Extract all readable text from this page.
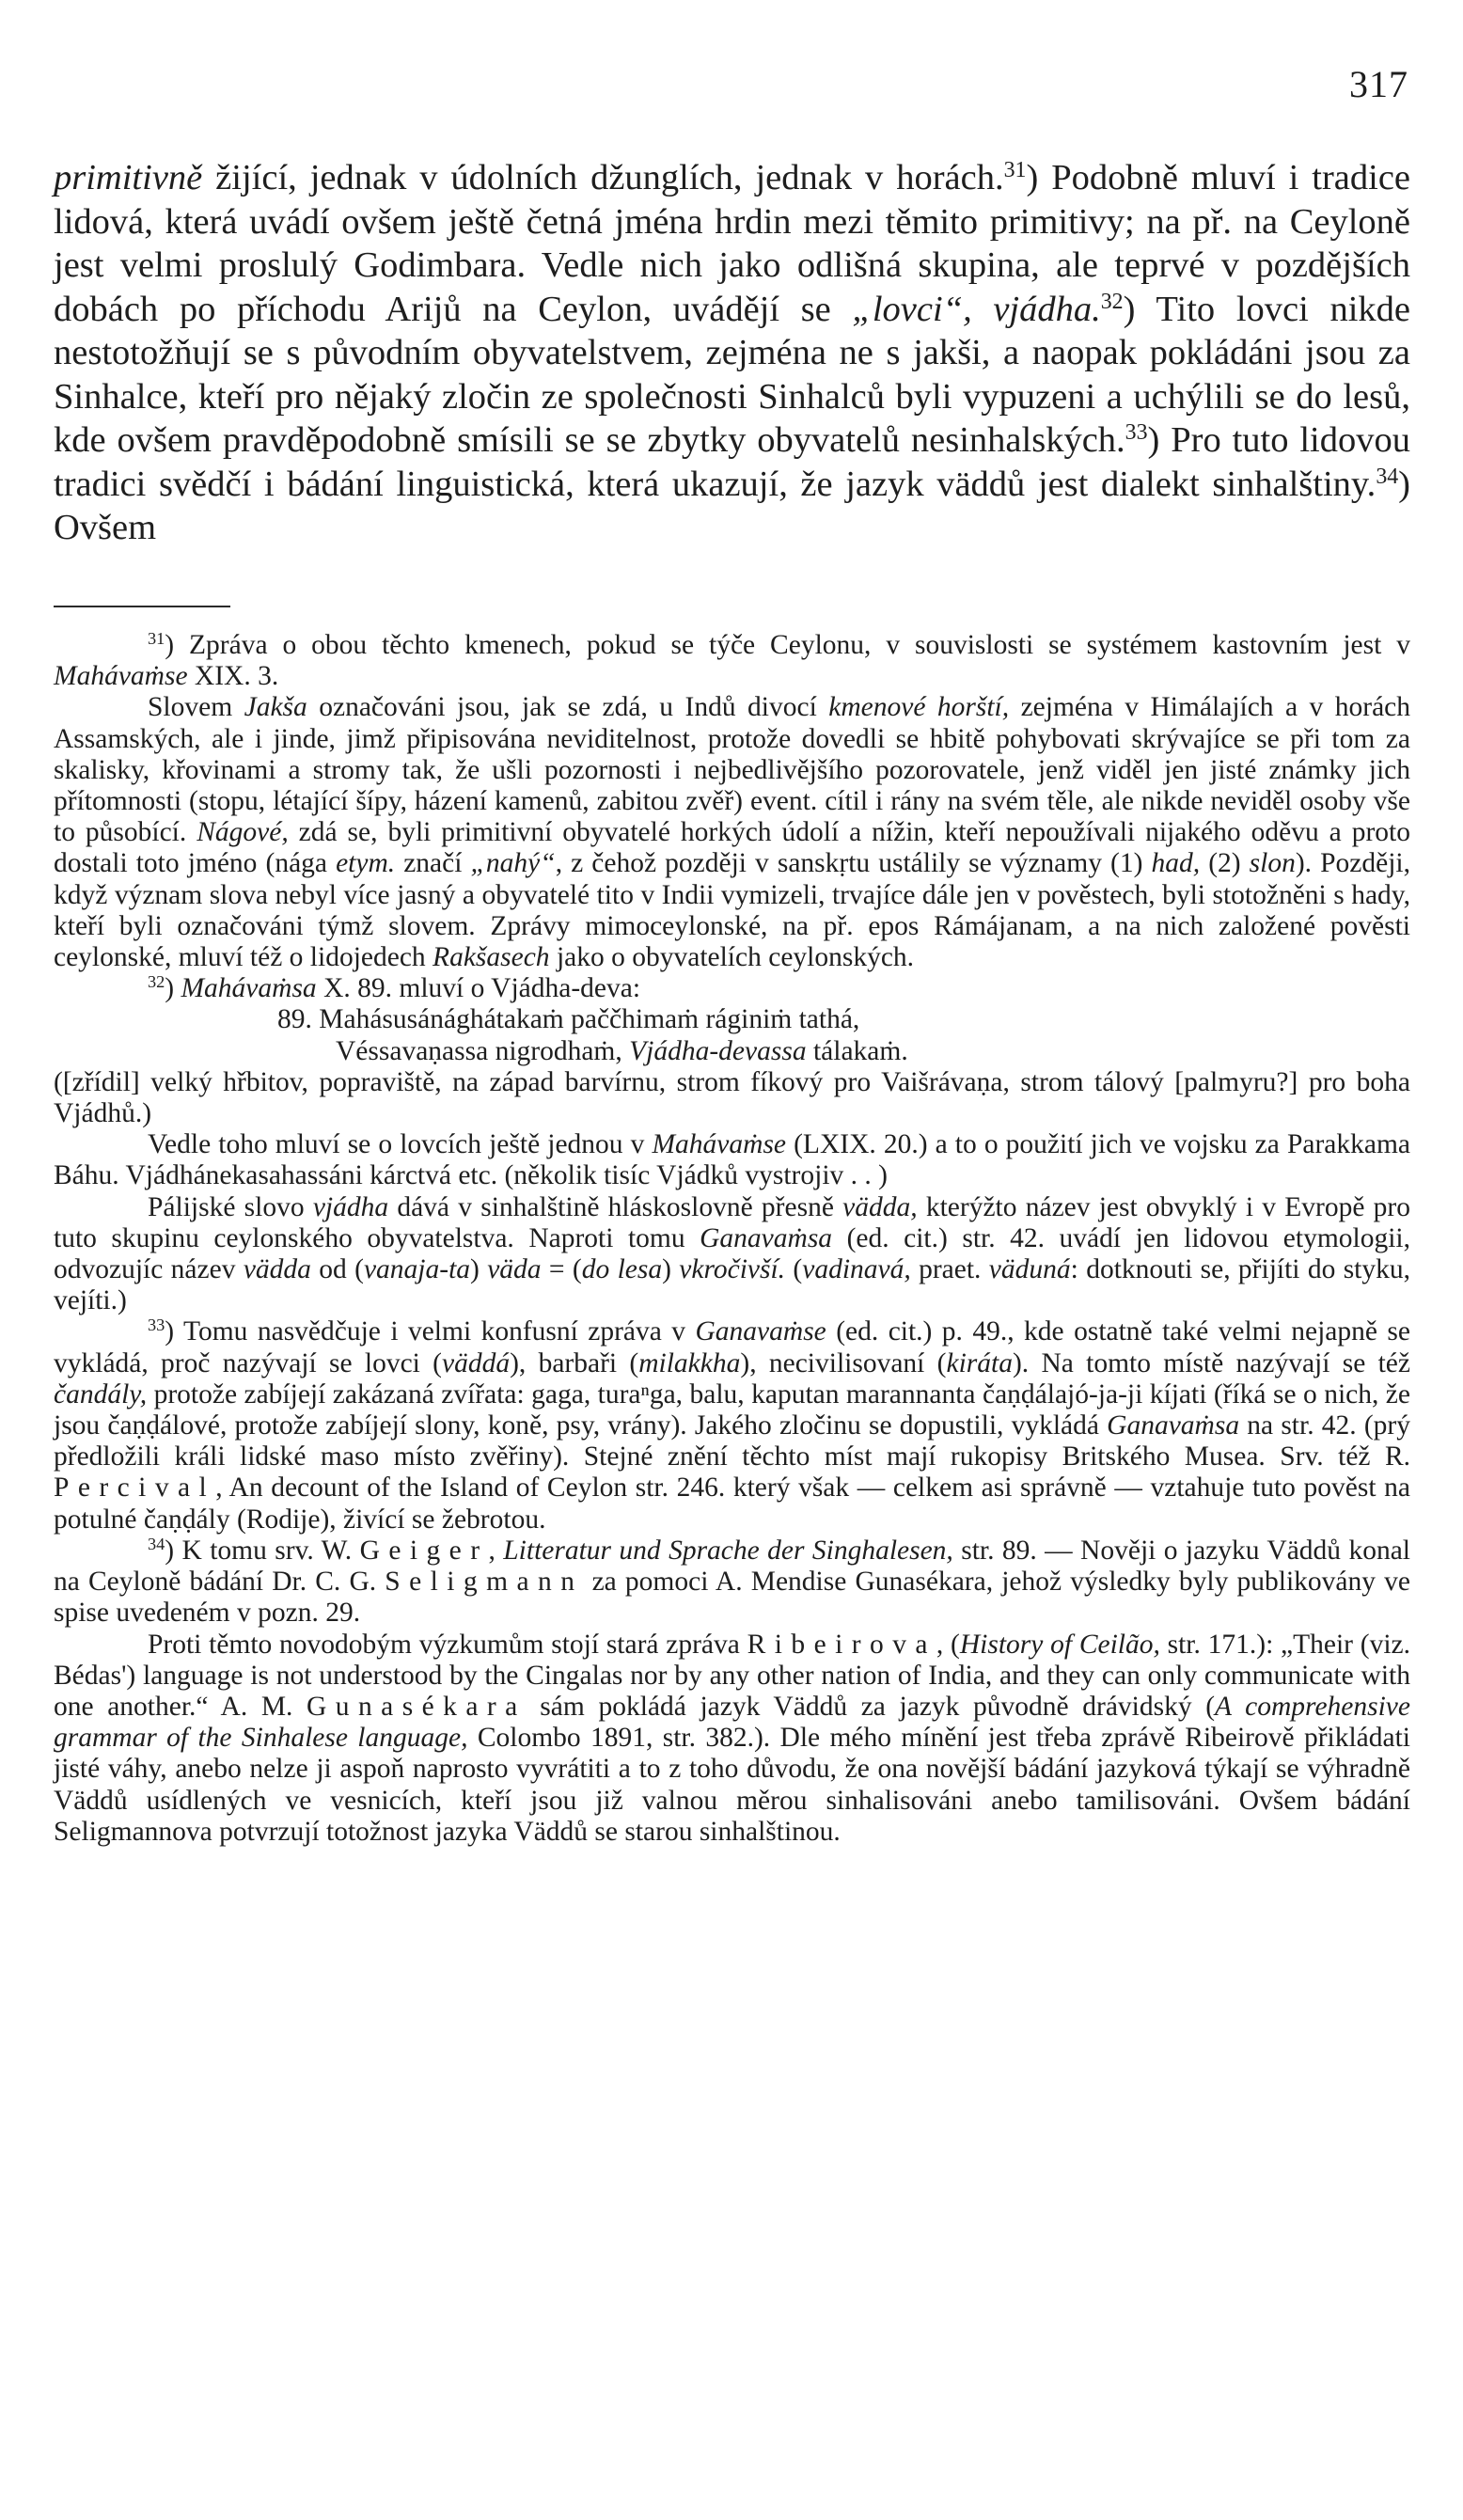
317

primitivně žijící, jednak v údolních džunglích, jednak v horách.$^{31}$) Podobně mluví i tradice lidová, která uvádí ovšem ještě četná jména hrdin mezi těmito primitivy; na př. na Ceyloně jest velmi proslulý Godimbara. Vedle nich jako odlišná skupina, ale teprvé v pozdějších dobách po příchodu Arijů na Ceylon, uvádějí se „lovci“, vjádha.$^{32}$) Tito lovci nikde nestotožňují se s původním obyvatelstvem, zejména ne s jakši, a naopak pokládáni jsou za Sinhalce, kteří pro nějaký zločin ze společnosti Sinhalců byli vypuzeni a uchýlili se do lesů, kde ovšem pravděpodobně smísili se se zbytky obyvatelů nesinhalských.$^{33}$) Pro tuto lidovou tradici svědčí i bádání linguistická, která ukazují, že jazyk väddů jest dialekt sinhalštiny.$^{34}$) Ovšem

$^{31}$) Zpráva o obou těchto kmenech, pokud se týče Ceylonu, v souvislosti se systémem kastovním jest v Mahávaṁse XIX. 3.

Slovem Jakša označováni jsou, jak se zdá, u Indů divocí kmenové horští, zejména v Himálajích a v horách Assamských, ale i jinde, jimž připisována neviditelnost, protože dovedli se hbitě pohybovati skrývajíce se při tom za skalisky, křovinami a stromy tak, že ušli pozornosti i nejbedlivějšího pozorovatele, jenž viděl jen jisté známky jich přítomnosti (stopu, létající šípy, házení kamenů, zabitou zvěř) event. cítil i rány na svém těle, ale nikde neviděl osoby vše to působící. Nágové, zdá se, byli primitivní obyvatelé horkých údolí a nížin, kteří nepoužívali nijakého oděvu a proto dostali toto jméno (nága etym. značí „nahý“, z čehož později v sanskṛtu ustálily se významy (1) had, (2) slon). Později, když význam slova nebyl více jasný a obyvatelé tito v Indii vymizeli, trvajíce dále jen v pověstech, byli stotožněni s hady, kteří byli označováni týmž slovem. Zprávy mimoceylonské, na př. epos Rámájanam, a na nich založené pověsti ceylonské, mluví též o lidojedech Rakšasech jako o obyvatelích ceylonských.

$^{32}$) Mahávaṁsa X. 89. mluví o Vjádha-deva:

89. Mahásusánághátakaṁ paččhimaṁ ráginiṁ tathá,

Véssavaṇassa nigrodhaṁ, Vjádha-devassa tálakaṁ.

([zřídil] velký hřbitov, popraviště, na západ barvírnu, strom fíkový pro Vaišrávaṇa, strom tálový [palmyru?] pro boha Vjádhů.)

Vedle toho mluví se o lovcích ještě jednou v Mahávaṁse (LXIX. 20.) a to o použití jich ve vojsku za Parakkama Báhu. Vjádhánekasahassáni kárctvá etc. (několik tisíc Vjádků vystrojiv . . )

Pálijské slovo vjádha dává v sinhalštině hláskoslovně přesně vädda, kterýžto název jest obvyklý i v Evropě pro tuto skupinu ceylonského obyvatelstva. Naproti tomu Ganavaṁsa (ed. cit.) str. 42. uvádí jen lidovou etymologii, odvozujíc název vädda od (vanaja-ta) väda = (do lesa) vkročivší. (vadinavá, praet. väduná: dotknouti se, přijíti do styku, vejíti.)

$^{33}$) Tomu nasvědčuje i velmi konfusní zpráva v Ganavaṁse (ed. cit.) p. 49., kde ostatně také velmi nejapně se vykládá, proč nazývají se lovci (väddá), barbaři (milakkha), necivilisovaní (kiráta). Na tomto místě nazývají se též čandály, protože zabíjejí zakázaná zvířata: gaga, turaⁿga, balu, kaputan marannanta čaṇḍálajó-ja-ji kíjati (říká se o nich, že jsou čaṇḍálové, protože zabíjejí slony, koně, psy, vrány). Jakého zločinu se dopustili, vykládá Ganavaṁsa na str. 42. (prý předložili králi lidské maso místo zvěřiny). Stejné znění těchto míst mají rukopisy Britského Musea. Srv. též R. Percival, An decount of the Island of Ceylon str. 246. který však — celkem asi správně — vztahuje tuto pověst na potulné čaṇḍály (Rodije), živící se žebrotou.

$^{34}$) K tomu srv. W. Geiger, Litteratur und Sprache der Singhalesen, str. 89. — Nověji o jazyku Väddů konal na Ceyloně bádání Dr. C. G. Seligmann za pomoci A. Mendise Gunasékara, jehož výsledky byly publikovány ve spise uvedeném v pozn. 29.

Proti těmto novodobým výzkumům stojí stará zpráva Ribeirova, (History of Ceilão, str. 171.): „Their (viz. Bédas') language is not understood by the Cingalas nor by any other nation of India, and they can only communicate with one another.“ A. M. Gunasékara sám pokládá jazyk Väddů za jazyk původně drávidský (A comprehensive grammar of the Sinhalese language, Colombo 1891, str. 382.). Dle mého mínění jest třeba zprávě Ribeirově přikládati jisté váhy, anebo nelze ji aspoň naprosto vyvrátiti a to z toho důvodu, že ona novější bádání jazyková týkají se výhradně Väddů usídlených ve vesnicích, kteří jsou již valnou měrou sinhalisováni anebo tamilisováni. Ovšem bádání Seligmannova potvrzují totožnost jazyka Väddů se starou sinhalštinou.
